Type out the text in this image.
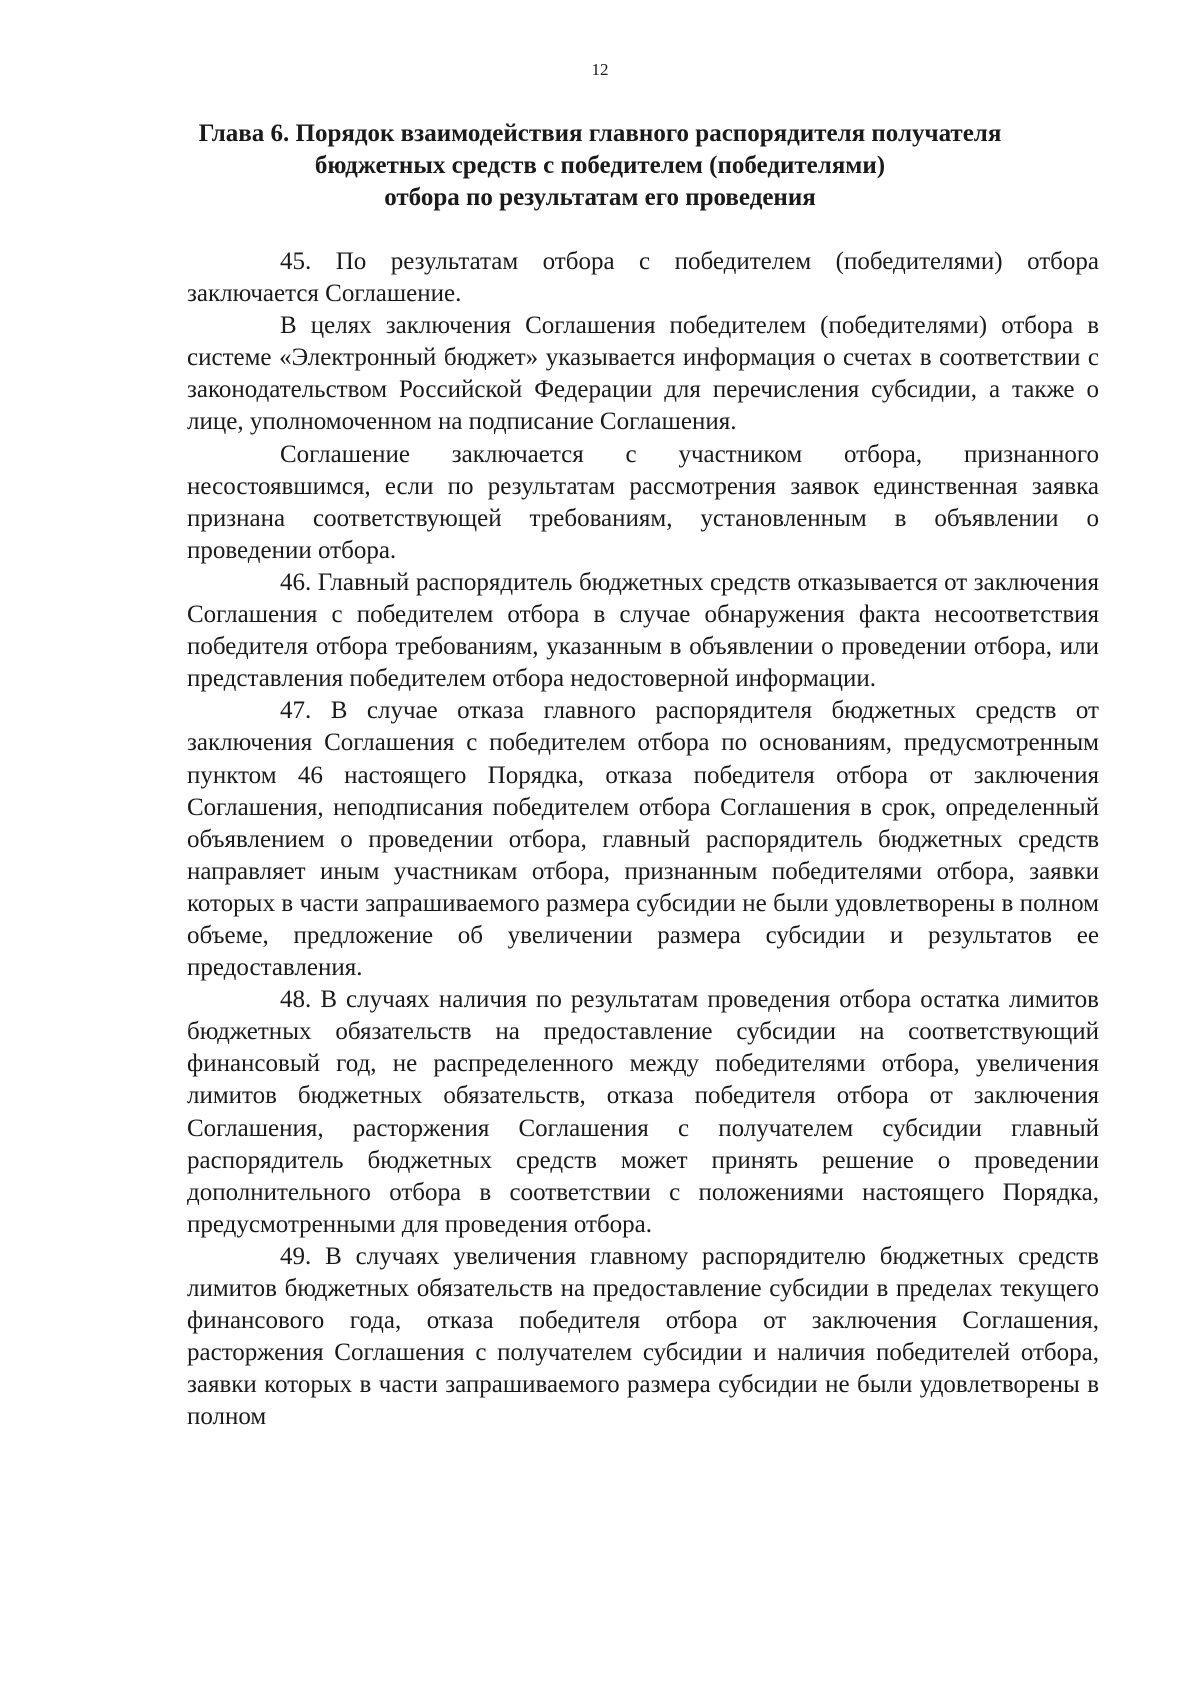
12
Глава 6. Порядок взаимодействия главного распорядителя получателя
бюджетных средств с победителем (победителями)
отбора по результатам его проведения

45. По результатам отбора с победителем (победителями) отбора заключается Соглашение.

В целях заключения Соглашения победителем (победителями) отбора в системе «Электронный бюджет» указывается информация о счетах в соответствии с законодательством Российской Федерации для перечисления субсидии, а также о лице, уполномоченном на подписание Соглашения.

Соглашение заключается с участником отбора, признанного несостоявшимся, если по результатам рассмотрения заявок единственная заявка признана соответствующей требованиям, установленным в объявлении о проведении отбора.

46. Главный распорядитель бюджетных средств отказывается от заключения Соглашения с победителем отбора в случае обнаружения факта несоответствия победителя отбора требованиям, указанным в объявлении о проведении отбора, или представления победителем отбора недостоверной информации.

47. В случае отказа главного распорядителя бюджетных средств от заключения Соглашения с победителем отбора по основаниям, предусмотренным пунктом 46 настоящего Порядка, отказа победителя отбора от заключения Соглашения, неподписания победителем отбора Соглашения в срок, определенный объявлением о проведении отбора, главный распорядитель бюджетных средств направляет иным участникам отбора, признанным победителями отбора, заявки которых в части запрашиваемого размера субсидии не были удовлетворены в полном объеме, предложение об увеличении размера субсидии и результатов ее предоставления.

48. В случаях наличия по результатам проведения отбора остатка лимитов бюджетных обязательств на предоставление субсидии на соответствующий финансовый год, не распределенного между победителями отбора, увеличения лимитов бюджетных обязательств, отказа победителя отбора от заключения Соглашения, расторжения Соглашения с получателем субсидии главный распорядитель бюджетных средств может принять решение о проведении дополнительного отбора в соответствии с положениями настоящего Порядка, предусмотренными для проведения отбора.

49. В случаях увеличения главному распорядителю бюджетных средств лимитов бюджетных обязательств на предоставление субсидии в пределах текущего финансового года, отказа победителя отбора от заключения Соглашения, расторжения Соглашения с получателем субсидии и наличия победителей отбора, заявки которых в части запрашиваемого размера субсидии не были удовлетворены в полном
